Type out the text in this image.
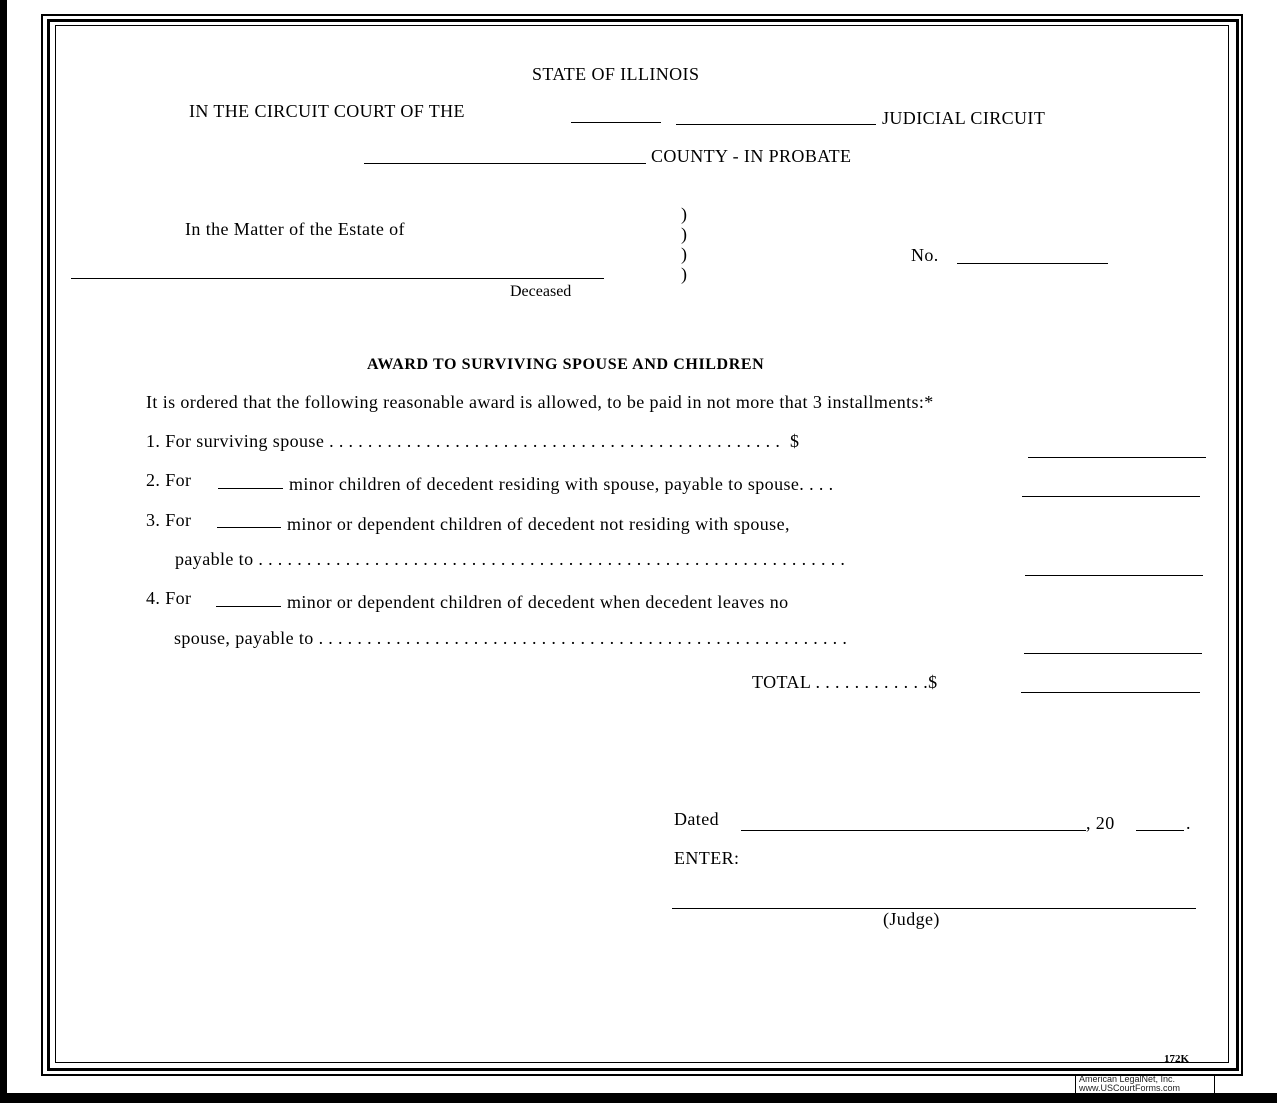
STATE OF ILLINOIS
IN THE CIRCUIT COURT OF THE	JUDICIAL CIRCUIT
COUNTY - IN PROBATE
In the Matter of the Estate of
Deceased
)
)
)
)
No.
AWARD TO SURVIVING SPOUSE AND CHILDREN
It is ordered that the following reasonable award is allowed, to be paid in not more that 3 installments:*
1. For surviving spouse ............................................... $
2. For	minor children of decedent residing with spouse, payable to spouse. . . .
3. For	minor or dependent children of decedent not residing with spouse,
payable to .............................................................
4. For	minor or dependent children of decedent when decedent leaves no
spouse, payable to .......................................................
TOTAL . . . . . . . . . . . .$
Dated	, 20	.
ENTER:
(Judge)
172K
American LegalNet, Inc.
www.USCourtForms.com
